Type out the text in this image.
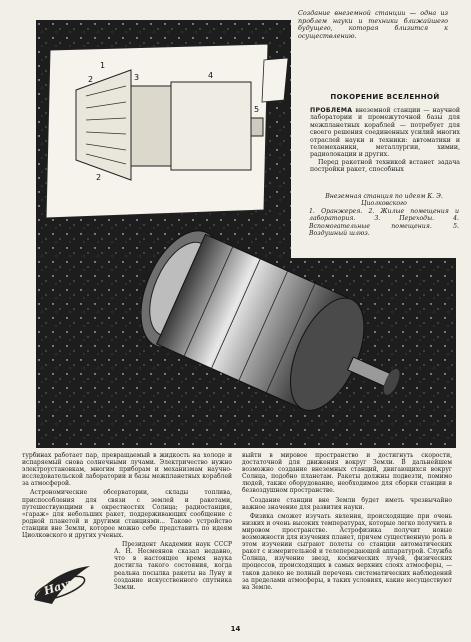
1
2	3	4
2
5
Создание внеземной станции — одна из проблем науки и техники ближайшего будущего, которая близится к осуществлению.
ПОКОРЕНИЕ ВСЕЛЕННОЙ
ПРОБЛЕМА внеземной станции — научной лаборатории и промежуточной базы для межпланетных кораблей — потребует для своего решения соединенных усилий многих отраслей науки и техники: автоматики и телемеханики, металлургии, химии, радиолокации и других.
Перед ракетной техникой встанет задача постройки ракет, способных
Внеземная станция по идеям К. Э. Циолковского
1. Оранжерея. 2. Жилые помещения и лаборатория. 3. Переходы. 4. Вспомогательные помещения. 5. Воздушный шлюз.

турбинах работает пар, превращаемый в жидкость на холоде и испаряемый снова солнечными лучами. Электричество нужно электроустановкам, многим приборам и механизмам научно-исследовательской лаборатории и базы межпланетных кораблей за атмосферой.

Астрономические обсерватории, склады топлива, приспособления для связи с землей и ракетами, путешествующими в окрестностях Солнца; радиостанция, «гараж» для небольших ракет, поддерживающих сообщение с родной планетой и другими станциями... Таково устройство станции вне Земли, которое можно себе представить по идеям Циолковского и других ученых.

Президент Академии наук СССР А. Н. Несмеянов сказал недавно, что в настоящее время наука достигла такого состояния, когда реальна посылка ракеты на Луну и создание искусственного спутника Земли.

выйти в мировое пространство и достигнуть скорости, достаточной для движения вокруг Земли. В дальнейшем возможно создание внеземных станций, двигающихся вокруг Солнца, подобно планетам. Ракеты должны подвезти, помимо людей, также оборудование, необходимое для сборки станции в безвоздушном пространстве.

Создание станции вне Земли будет иметь чрезвычайно важное значение для развития науки.

Физика сможет изучать явления, происходящие при очень низких и очень высоких температурах, которые легко получить в мировом пространстве. Астрофизика получит новые возможности для изучения планет, причем существенную роль в этом изучении сыграют полеты со станции автоматических ракет с измерительной и телепередающей аппаратурой. Служба Солнца, изучение звезд, космических лучей, физических процессов, происходящих в самых верхних слоях атмосферы, — таков далеко не полный перечень систематических наблюдений за пределами атмосферы, в таких условиях, какие несуществуют на Земле.

Наука
14
